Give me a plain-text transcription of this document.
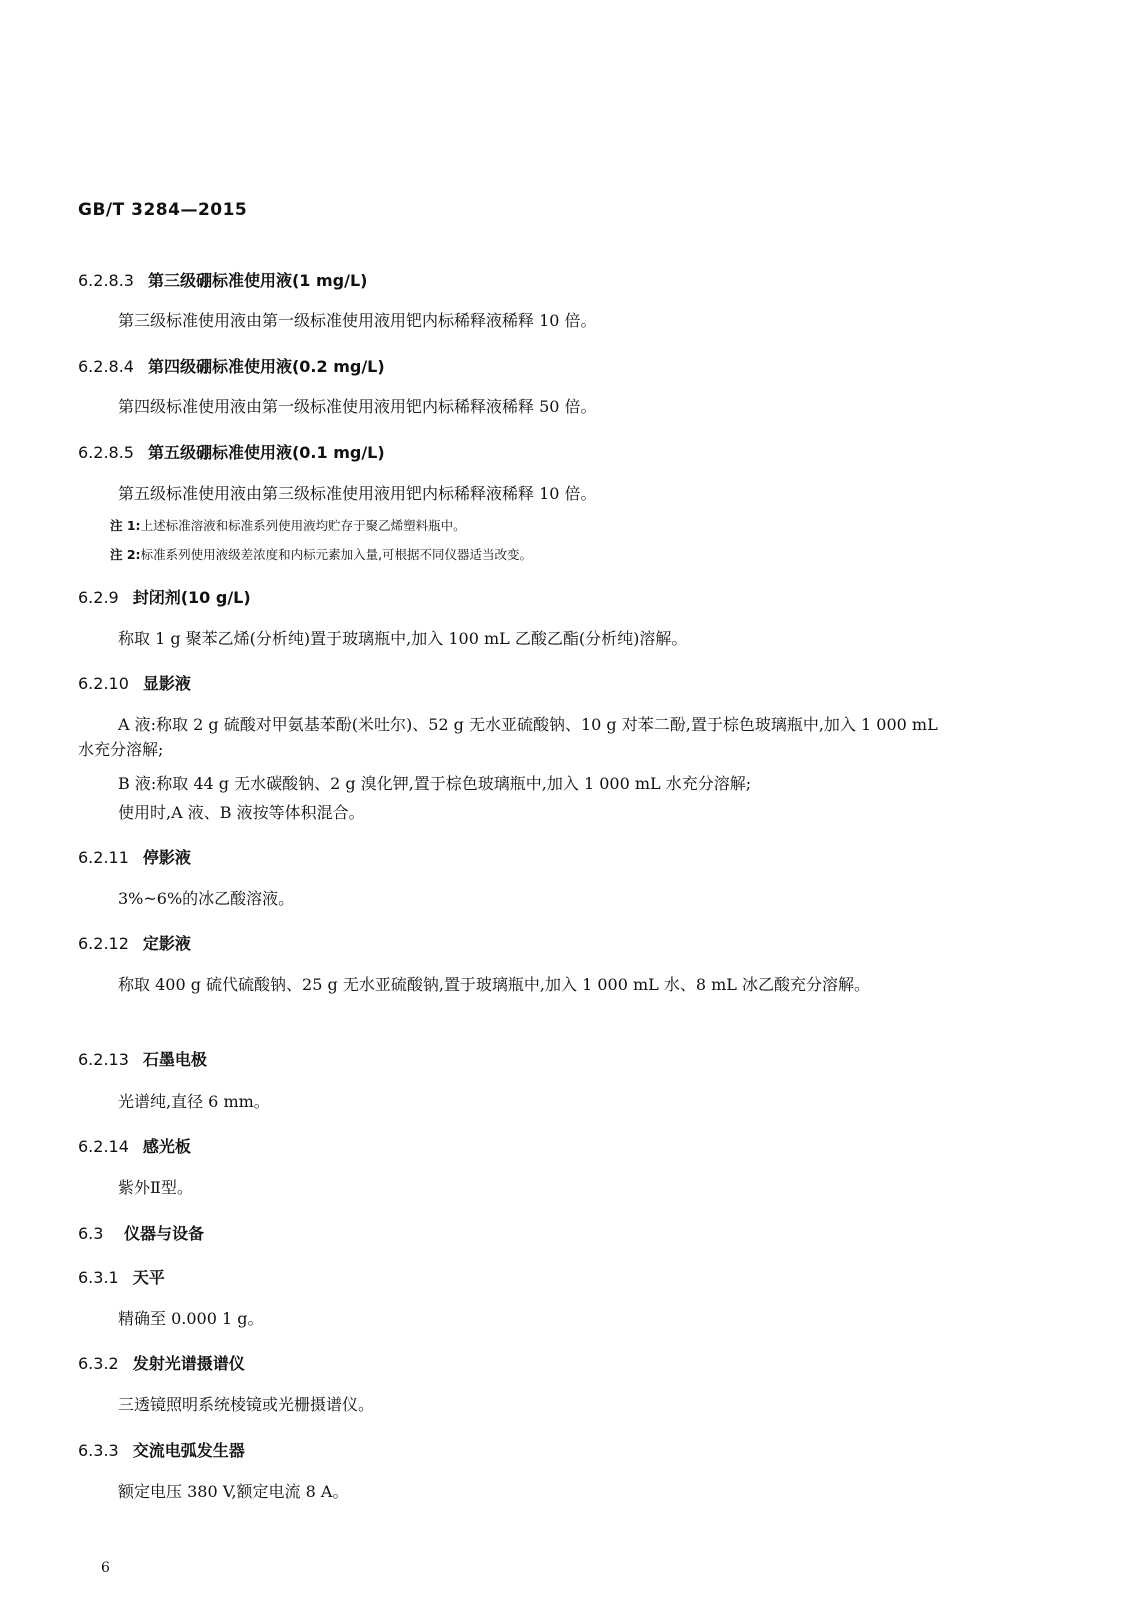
GB/T 3284—2015
6.2.8.3 第三级硼标准使用液(1 mg/L)

第三级标准使用液由第一级标准使用液用钯内标稀释液稀释 10 倍。

6.2.8.4 第四级硼标准使用液(0.2 mg/L)

第四级标准使用液由第一级标准使用液用钯内标稀释液稀释 50 倍。

6.2.8.5 第五级硼标准使用液(0.1 mg/L)

第五级标准使用液由第三级标准使用液用钯内标稀释液稀释 10 倍。

注 1:上述标准溶液和标准系列使用液均贮存于聚乙烯塑料瓶中。
注 2:标准系列使用液级差浓度和内标元素加入量,可根据不同仪器适当改变。
6.2.9 封闭剂(10 g/L)

称取 1 g 聚苯乙烯(分析纯)置于玻璃瓶中,加入 100 mL 乙酸乙酯(分析纯)溶解。

6.2.10 显影液

A 液:称取 2 g 硫酸对甲氨基苯酚(米吐尔)、52 g 无水亚硫酸钠、10 g 对苯二酚,置于棕色玻璃瓶中,加入 1 000 mL 水充分溶解;

B 液:称取 44 g 无水碳酸钠、2 g 溴化钾,置于棕色玻璃瓶中,加入 1 000 mL 水充分溶解;

使用时,A 液、B 液按等体积混合。

6.2.11 停影液

3%~6%的冰乙酸溶液。

6.2.12 定影液

称取 400 g 硫代硫酸钠、25 g 无水亚硫酸钠,置于玻璃瓶中,加入 1 000 mL 水、8 mL 冰乙酸充分溶解。

6.2.13 石墨电极

光谱纯,直径 6 mm。

6.2.14 感光板

紫外Ⅱ型。

6.3 仪器与设备
6.3.1 天平

精确至 0.000 1 g。

6.3.2 发射光谱摄谱仪

三透镜照明系统棱镜或光栅摄谱仪。

6.3.3 交流电弧发生器

额定电压 380 V,额定电流 8 A。

6
